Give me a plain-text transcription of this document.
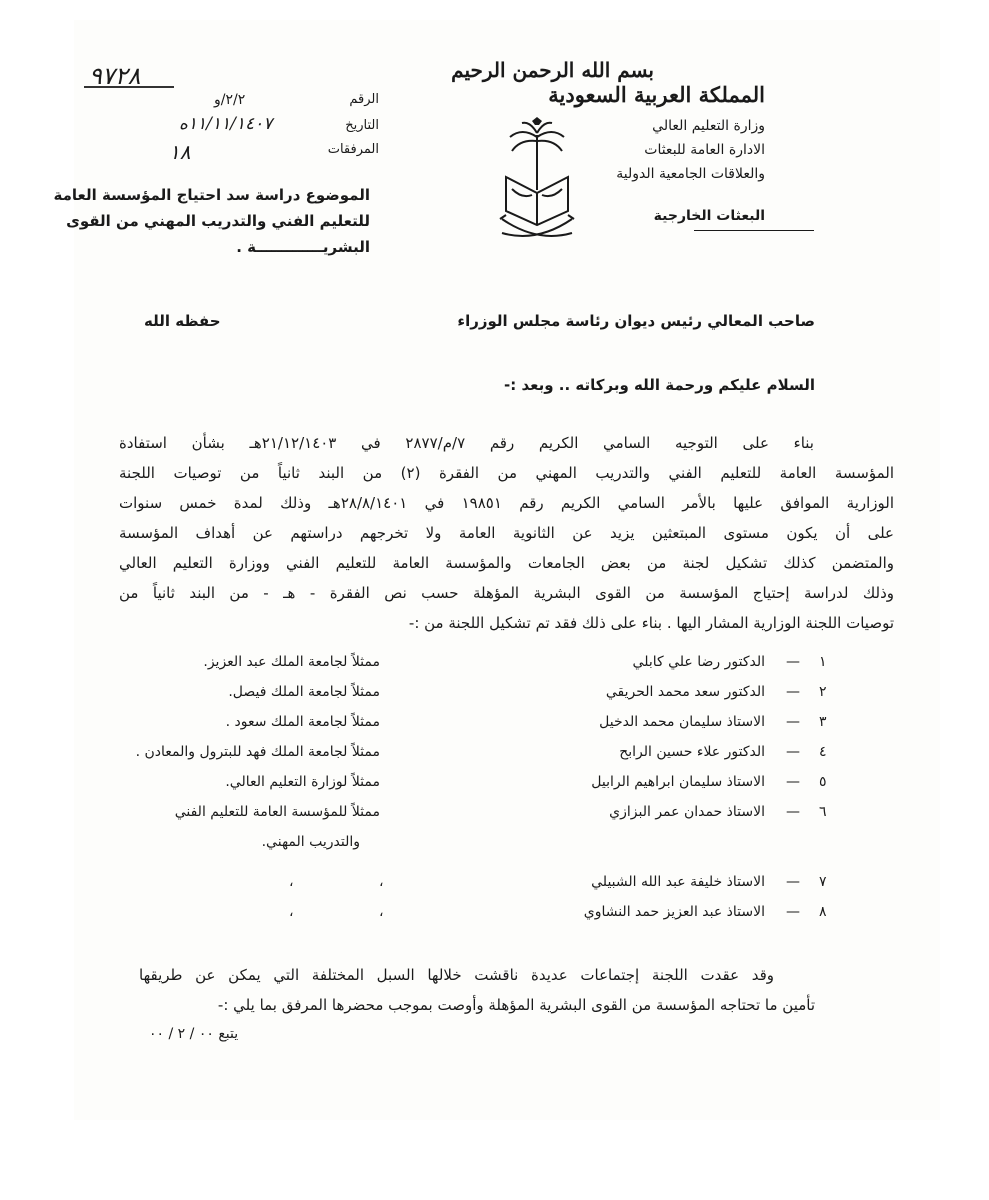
بسم الله الرحمن الرحيم
المملكة العربية السعودية
وزارة التعليم العالي
الادارة العامة للبعثات
والعلاقات الجامعية الدولية
البعثات الخارجية
٩٧٢٨
الرقم
٢/٢/و
التاريخ
١١/١١/١٤٠٧ه
١٨	المرفقات
الموضوع دراسة سد احتياج المؤسسة العامة
للتعليم الفني والتدريب المهني من القوى
البشريـــــــــــــة .
صاحب المعالي رئيس ديوان رئاسة مجلس الوزراء
حفظه الله
السلام عليكم ورحمة الله وبركاته .. وبعد :-
بناء على التوجيه السامي الكريم رقم ٧/م/٢٨٧٧ في ٢١/١٢/١٤٠٣هـ بشأن استفادة
المؤسسة العامة للتعليم الفني والتدريب المهني من الفقرة (٢) من البند ثانياً من توصيات اللجنة
الوزارية الموافق عليها بالأمر السامي الكريم رقم ١٩٨٥١ في ٢٨/٨/١٤٠١هـ وذلك لمدة خمس سنوات
على أن يكون مستوى المبتعثين يزيد عن الثانوية العامة ولا تخرجهم دراستهم عن أهداف المؤسسة
والمتضمن كذلك تشكيل لجنة من بعض الجامعات والمؤسسة العامة للتعليم الفني ووزارة التعليم العالي
وذلك لدراسة إحتياج المؤسسة من القوى البشرية المؤهلة حسب نص الفقرة - هـ - من البند ثانياً من
توصيات اللجنة الوزارية المشار اليها . بناء على ذلك فقد تم تشكيل اللجنة من :-
١
—
الدكتور رضا علي كابلي
ممثلاً لجامعة الملك عبد العزيز.
٢
—
الدكتور سعد محمد الحريقي
ممثلاً لجامعة الملك فيصل.
٣
—
الاستاذ سليمان محمد الدخيل
ممثلاً لجامعة الملك سعود .
٤
—
الدكتور علاء حسين الرابح
ممثلاً لجامعة الملك فهد للبترول والمعادن .
٥
—
الاستاذ سليمان ابراهيم الرابيل
ممثلاً لوزارة التعليم العالي.
٦
—
الاستاذ حمدان عمر البزازي
ممثلاً للمؤسسة العامة للتعليم الفني
والتدريب المهني.
٧
—
الاستاذ خليفة عبد الله الشبيلي
،
،
٨
—
الاستاذ عبد العزيز حمد النشاوي
،
،
وقد عقدت اللجنة إجتماعات عديدة ناقشت خلالها السبل المختلفة التي يمكن عن طريقها
تأمين ما تحتاجه المؤسسة من القوى البشرية المؤهلة وأوصت بموجب محضرها المرفق بما يلي :-
يتبع ٠٠ / ٢ / ٠٠
